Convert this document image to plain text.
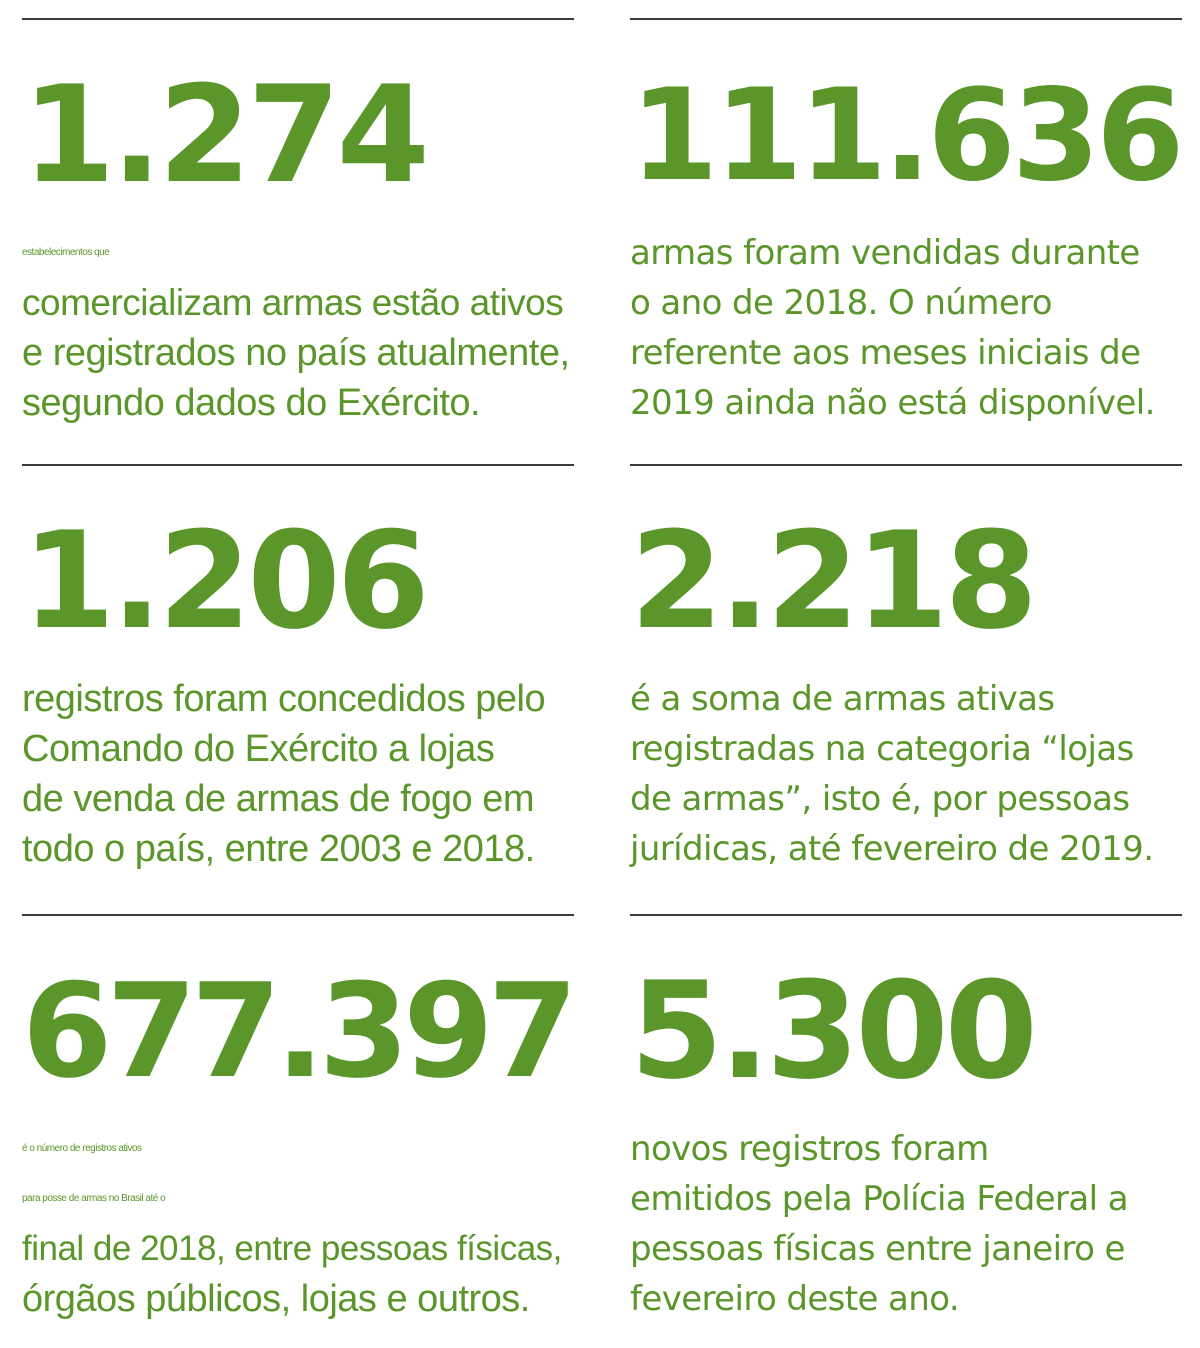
1.274
estabelecimentos que
comercializam armas estão ativos
e registrados no país atualmente,
segundo dados do Exército.
111.636
armas foram vendidas durante
o ano de 2018. O número
referente aos meses iniciais de
2019 ainda não está disponível.
1.206
registros foram concedidos pelo
Comando do Exército a lojas
de venda de armas de fogo em
todo o país, entre 2003 e 2018.
2.218
é a soma de armas ativas
registradas na categoria “lojas
de armas”, isto é, por pessoas
jurídicas, até fevereiro de 2019.
677.397
é o número de registros ativos
para posse de armas no Brasil até o
final de 2018, entre pessoas físicas,
órgãos públicos, lojas e outros.
5.300
novos registros foram
emitidos pela Polícia Federal a
pessoas físicas entre janeiro e
fevereiro deste ano.
